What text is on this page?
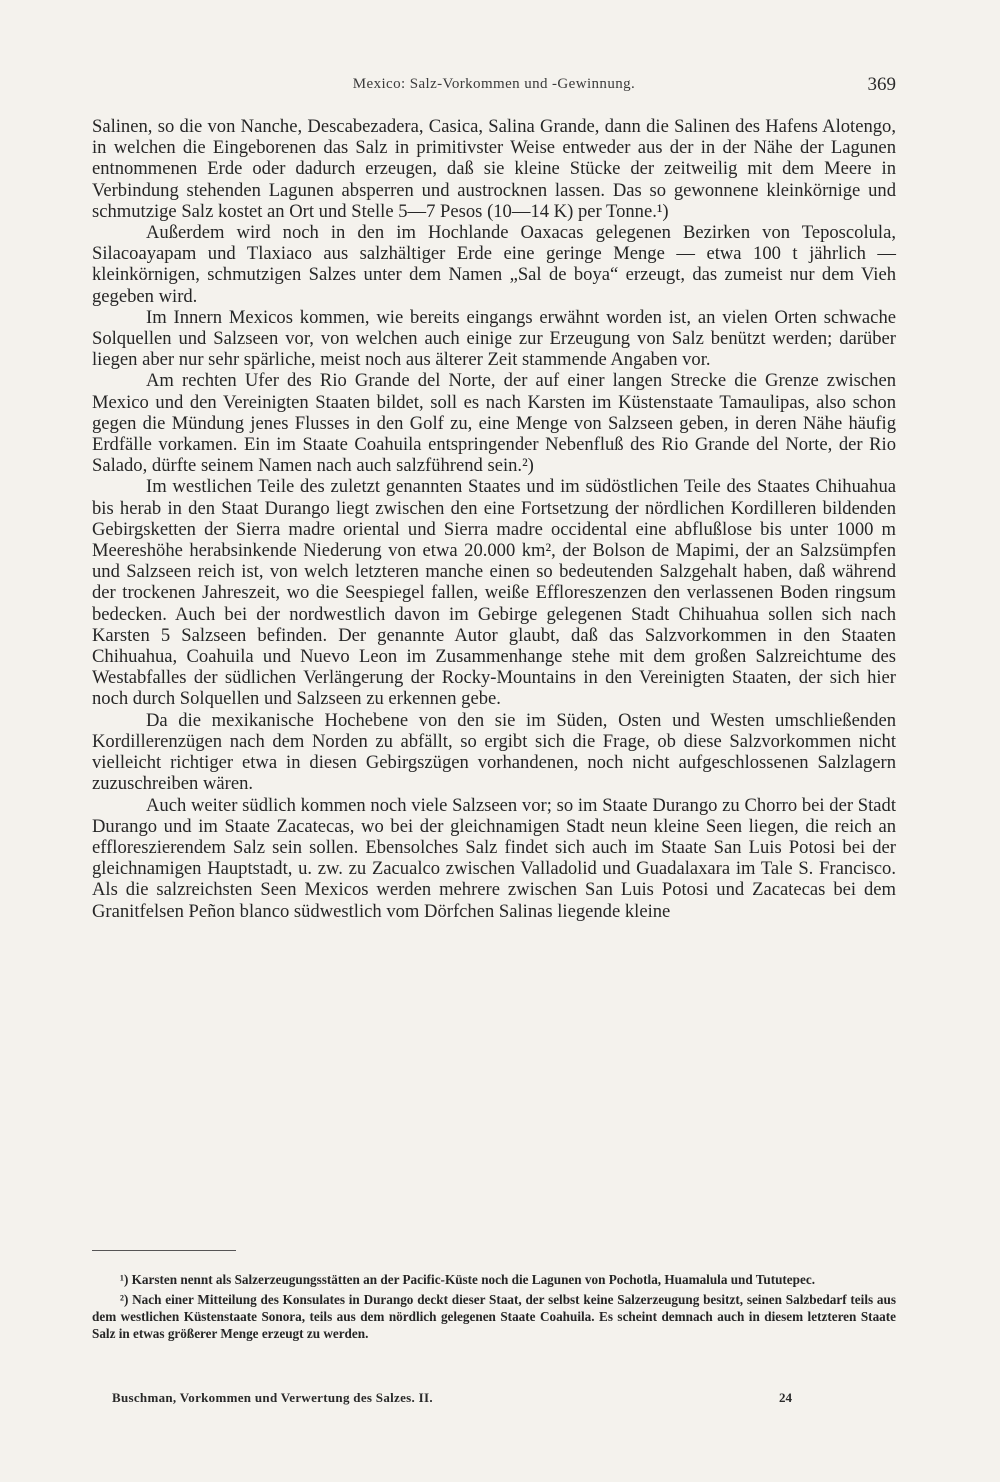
Mexico: Salz-Vorkommen und -Gewinnung.	369

Salinen, so die von Nanche, Descabezadera, Casica, Salina Grande, dann die Salinen des Hafens Alotengo, in welchen die Eingeborenen das Salz in primitivster Weise entweder aus der in der Nähe der Lagunen entnommenen Erde oder dadurch erzeugen, daß sie kleine Stücke der zeitweilig mit dem Meere in Verbindung stehenden Lagunen absperren und austrocknen lassen. Das so gewonnene kleinkörnige und schmutzige Salz kostet an Ort und Stelle 5—7 Pesos (10—14 K) per Tonne.¹)

Außerdem wird noch in den im Hochlande Oaxacas gelegenen Bezirken von Teposcolula, Silacoayapam und Tlaxiaco aus salzhältiger Erde eine geringe Menge — etwa 100 t jährlich — kleinkörnigen, schmutzigen Salzes unter dem Namen „Sal de boya“ erzeugt, das zumeist nur dem Vieh gegeben wird.

Im Innern Mexicos kommen, wie bereits eingangs erwähnt worden ist, an vielen Orten schwache Solquellen und Salzseen vor, von welchen auch einige zur Erzeugung von Salz benützt werden; darüber liegen aber nur sehr spärliche, meist noch aus älterer Zeit stammende Angaben vor.

Am rechten Ufer des Rio Grande del Norte, der auf einer langen Strecke die Grenze zwischen Mexico und den Vereinigten Staaten bildet, soll es nach Karsten im Küstenstaate Tamaulipas, also schon gegen die Mündung jenes Flusses in den Golf zu, eine Menge von Salzseen geben, in deren Nähe häufig Erdfälle vorkamen. Ein im Staate Coahuila entspringender Nebenfluß des Rio Grande del Norte, der Rio Salado, dürfte seinem Namen nach auch salzführend sein.²)

Im westlichen Teile des zuletzt genannten Staates und im südöstlichen Teile des Staates Chihuahua bis herab in den Staat Durango liegt zwischen den eine Fortsetzung der nördlichen Kordilleren bildenden Gebirgsketten der Sierra madre oriental und Sierra madre occidental eine abflußlose bis unter 1000 m Meereshöhe herabsinkende Niederung von etwa 20.000 km², der Bolson de Mapimi, der an Salzsümpfen und Salzseen reich ist, von welch letzteren manche einen so bedeutenden Salzgehalt haben, daß während der trockenen Jahreszeit, wo die Seespiegel fallen, weiße Effloreszenzen den verlassenen Boden ringsum bedecken. Auch bei der nordwestlich davon im Gebirge gelegenen Stadt Chihuahua sollen sich nach Karsten 5 Salzseen befinden. Der genannte Autor glaubt, daß das Salzvorkommen in den Staaten Chihuahua, Coahuila und Nuevo Leon im Zusammenhange stehe mit dem großen Salzreichtume des Westabfalles der südlichen Verlängerung der Rocky-Mountains in den Vereinigten Staaten, der sich hier noch durch Solquellen und Salzseen zu erkennen gebe.

Da die mexikanische Hochebene von den sie im Süden, Osten und Westen umschließenden Kordillerenzügen nach dem Norden zu abfällt, so ergibt sich die Frage, ob diese Salzvorkommen nicht vielleicht richtiger etwa in diesen Gebirgszügen vorhandenen, noch nicht aufgeschlossenen Salzlagern zuzuschreiben wären.

Auch weiter südlich kommen noch viele Salzseen vor; so im Staate Durango zu Chorro bei der Stadt Durango und im Staate Zacatecas, wo bei der gleichnamigen Stadt neun kleine Seen liegen, die reich an effloreszierendem Salz sein sollen. Ebensolches Salz findet sich auch im Staate San Luis Potosi bei der gleichnamigen Hauptstadt, u. zw. zu Zacualco zwischen Valladolid und Guadalaxara im Tale S. Francisco. Als die salzreichsten Seen Mexicos werden mehrere zwischen San Luis Potosi und Zacatecas bei dem Granitfelsen Peñon blanco südwestlich vom Dörfchen Salinas liegende kleine

¹) Karsten nennt als Salzerzeugungsstätten an der Pacific-Küste noch die Lagunen von Pochotla, Huamalula und Tututepec.

²) Nach einer Mitteilung des Konsulates in Durango deckt dieser Staat, der selbst keine Salzerzeugung besitzt, seinen Salzbedarf teils aus dem westlichen Küstenstaate Sonora, teils aus dem nördlich gelegenen Staate Coahuila. Es scheint demnach auch in diesem letzteren Staate Salz in etwas größerer Menge erzeugt zu werden.

Buschman, Vorkommen und Verwertung des Salzes. II.	24
